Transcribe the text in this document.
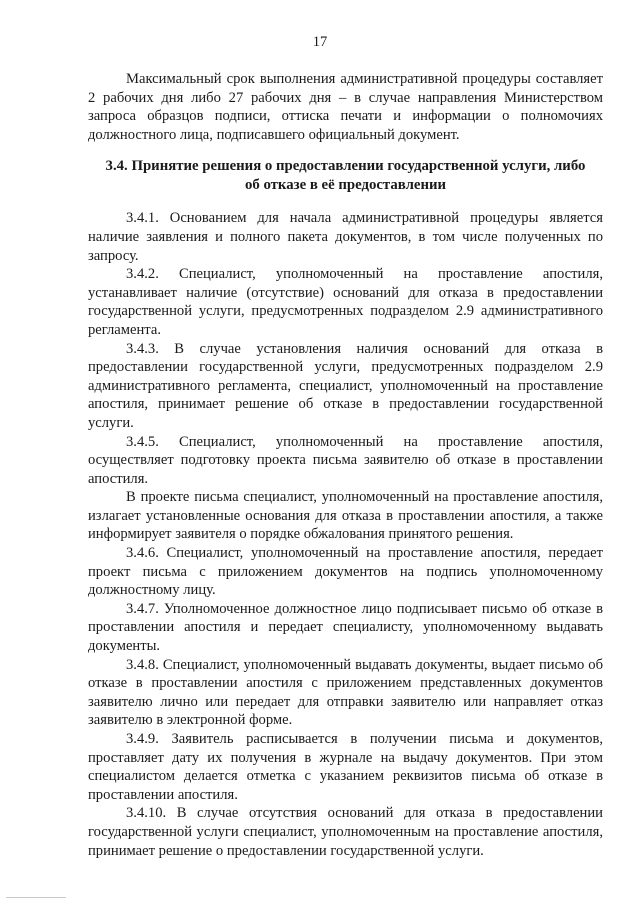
17

Максимальный срок выполнения административной процедуры составляет 2 рабочих дня либо 27 рабочих дня – в случае направления Министерством запроса образцов подписи, оттиска печати и информации о полномочиях должностного лица, подписавшего официальный документ.

3.4. Принятие решения о предоставлении государственной услуги, либо об отказе в её предоставлении

3.4.1. Основанием для начала административной процедуры является наличие заявления и полного пакета документов, в том числе полученных по запросу.

3.4.2. Специалист, уполномоченный на проставление апостиля, устанавливает наличие (отсутствие) оснований для отказа в предоставлении государственной услуги, предусмотренных подразделом 2.9 административного регламента.

3.4.3. В случае установления наличия оснований для отказа в предоставлении государственной услуги, предусмотренных подразделом 2.9 административного регламента, специалист, уполномоченный на проставление апостиля, принимает решение об отказе в предоставлении государственной услуги.

3.4.5. Специалист, уполномоченный на проставление апостиля, осуществляет подготовку проекта письма заявителю об отказе в проставлении апостиля.

В проекте письма специалист, уполномоченный на проставление апостиля, излагает установленные основания для отказа в проставлении апостиля, а также информирует заявителя о порядке обжалования принятого решения.

3.4.6. Специалист, уполномоченный на проставление апостиля, передает проект письма с приложением документов на подпись уполномоченному должностному лицу.

3.4.7. Уполномоченное должностное лицо подписывает письмо об отказе в проставлении апостиля и передает специалисту, уполномоченному выдавать документы.

3.4.8. Специалист, уполномоченный выдавать документы, выдает письмо об отказе в проставлении апостиля с приложением представленных документов заявителю лично или передает для отправки заявителю или направляет отказ заявителю в электронной форме.

3.4.9. Заявитель расписывается в получении письма и документов, проставляет дату их получения в журнале на выдачу документов. При этом специалистом делается отметка с указанием реквизитов письма об отказе в проставлении апостиля.

3.4.10. В случае отсутствия оснований для отказа в предоставлении государственной услуги специалист, уполномоченным на проставление апостиля, принимает решение о предоставлении государственной услуги.
